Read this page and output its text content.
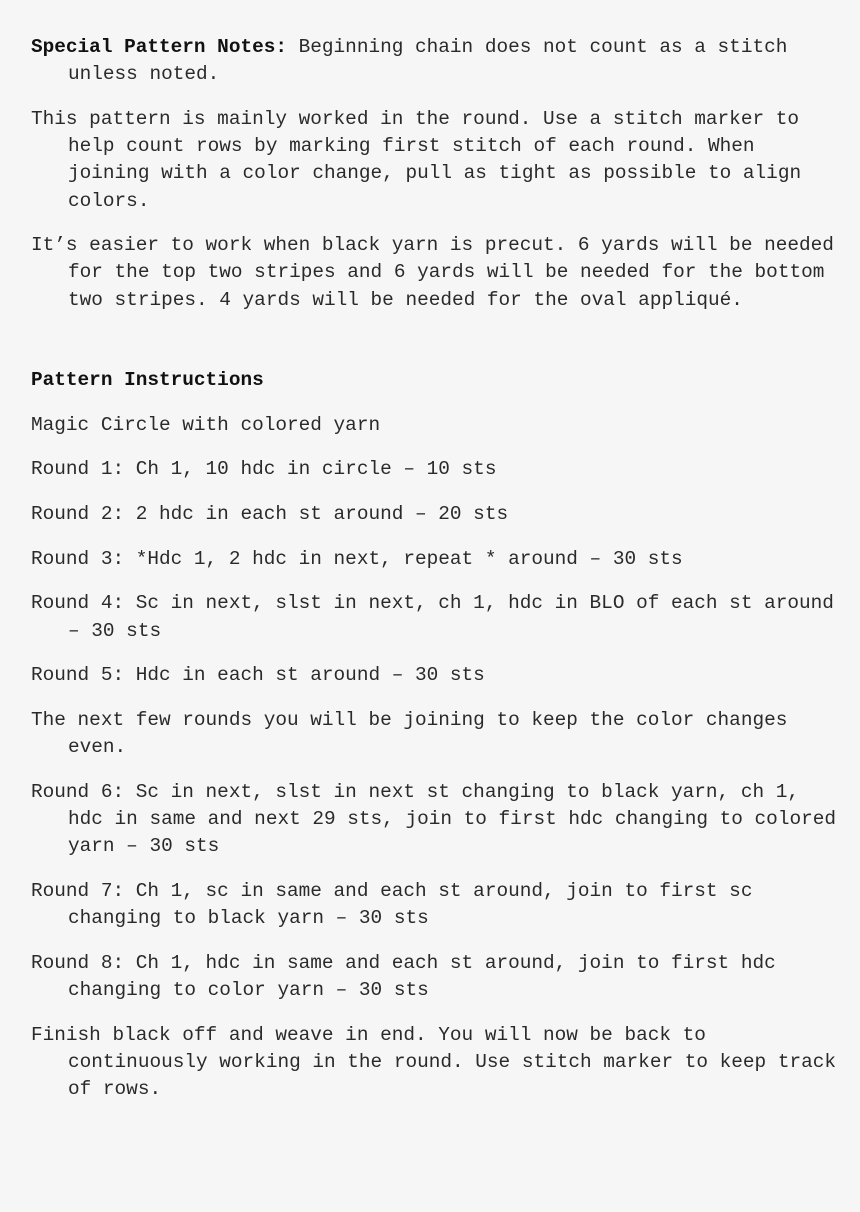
Special Pattern Notes: Beginning chain does not count as a stitch unless noted.

This pattern is mainly worked in the round. Use a stitch marker to help count rows by marking first stitch of each round. When joining with a color change, pull as tight as possible to align colors.

It’s easier to work when black yarn is precut. 6 yards will be needed for the top two stripes and 6 yards will be needed for the bottom two stripes. 4 yards will be needed for the oval appliqué.

Pattern Instructions

Magic Circle with colored yarn

Round 1: Ch 1, 10 hdc in circle – 10 sts

Round 2: 2 hdc in each st around – 20 sts

Round 3: *Hdc 1, 2 hdc in next, repeat * around – 30 sts

Round 4: Sc in next, slst in next, ch 1, hdc in BLO of each st around – 30 sts

Round 5: Hdc in each st around – 30 sts

The next few rounds you will be joining to keep the color changes even.

Round 6: Sc in next, slst in next st changing to black yarn, ch 1, hdc in same and next 29 sts, join to first hdc changing to colored yarn – 30 sts

Round 7: Ch 1, sc in same and each st around, join to first sc changing to black yarn – 30 sts

Round 8: Ch 1, hdc in same and each st around, join to first hdc changing to color yarn – 30 sts

Finish black off and weave in end. You will now be back to continuously working in the round. Use stitch marker to keep track of rows.
